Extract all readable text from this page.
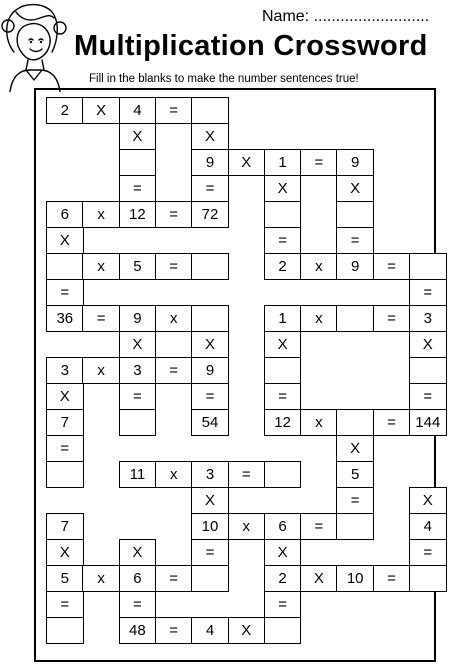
Name: ..........................
Multiplication Crossword
Fill in the blanks to make the number sentences true!
2	X	4	=
X	X
9	X	1	=	9
=	=	X	X
6	x	12	=	72
X	=	=
x	5	=	2	x	9	=
=	=
36	=	9	x	1	x	=	3
X	X	X	X
3	x	3	=	9
X	=	=	=	=
7	54	12	x	=	144
=	X
11	x	3	=	5
X	=	X
7	10	x	6	=	4
X	X	=	X	=
5	x	6	=	2	X	10	=
=	=	=
48	=	4	X
